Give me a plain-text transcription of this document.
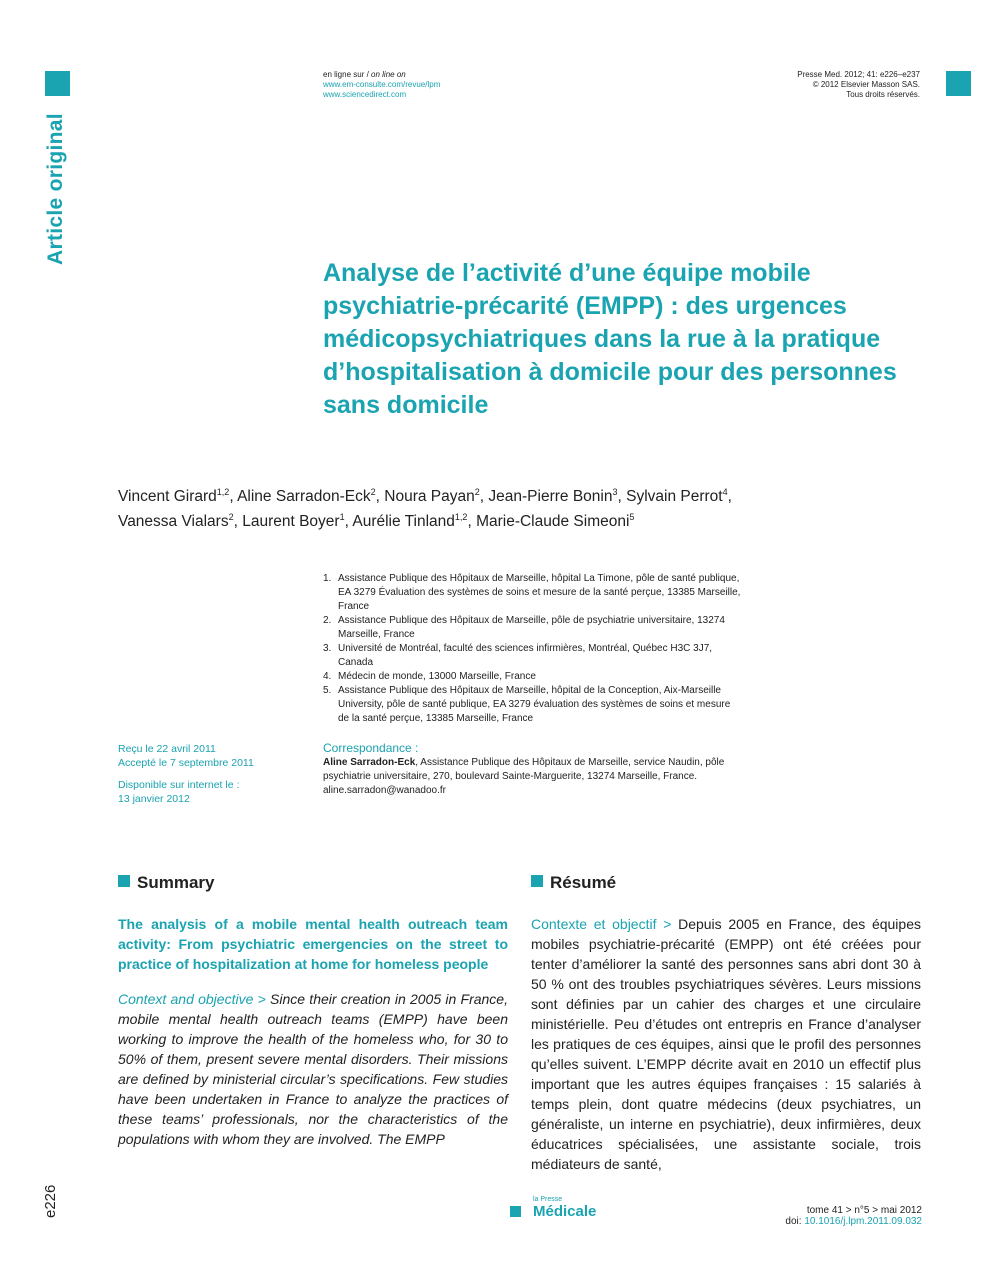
Article original
e226
en ligne sur / on line on
www.em-consulte.com/revue/lpm
www.sciencedirect.com
Presse Med. 2012; 41: e226–e237
© 2012 Elsevier Masson SAS.
Tous droits réservés.
Analyse de l’activité d’une équipe mobile psychiatrie-précarité (EMPP) : des urgences médicopsychiatriques dans la rue à la pratique d’hospitalisation à domicile pour des personnes sans domicile
Vincent Girard$^{1,2}$, Aline Sarradon-Eck$^2$, Noura Payan$^2$, Jean-Pierre Bonin$^3$, Sylvain Perrot$^4$,
Vanessa Vialars$^2$, Laurent Boyer$^1$, Aurélie Tinland$^{1,2}$, Marie-Claude Simeoni$^5$
1. Assistance Publique des Hôpitaux de Marseille, hôpital La Timone, pôle de santé publique, EA 3279 Évaluation des systèmes de soins et mesure de la santé perçue, 13385 Marseille, France
2. Assistance Publique des Hôpitaux de Marseille, pôle de psychiatrie universitaire, 13274 Marseille, France
3. Université de Montréal, faculté des sciences infirmières, Montréal, Québec H3C 3J7, Canada
4. Médecin de monde, 13000 Marseille, France
5. Assistance Publique des Hôpitaux de Marseille, hôpital de la Conception, Aix-Marseille University, pôle de santé publique, EA 3279 évaluation des systèmes de soins et mesure de la santé perçue, 13385 Marseille, France
Reçu le 22 avril 2011
Accepté le 7 septembre 2011
Disponible sur internet le :
13 janvier 2012
Correspondance :
Aline Sarradon-Eck, Assistance Publique des Hôpitaux de Marseille, service Naudin, pôle psychiatrie universitaire, 270, boulevard Sainte-Marguerite, 13274 Marseille, France.
aline.sarradon@wanadoo.fr
Summary	Résumé
The analysis of a mobile mental health outreach team activity: From psychiatric emergencies on the street to practice of hospitalization at home for homeless people
Context and objective > Since their creation in 2005 in France, mobile mental health outreach teams (EMPP) have been working to improve the health of the homeless who, for 30 to 50% of them, present severe mental disorders. Their missions are defined by ministerial circular’s specifications. Few studies have been undertaken in France to analyze the practices of these teams’ professionals, nor the characteristics of the populations with whom they are involved. The EMPP
Contexte et objectif > Depuis 2005 en France, des équipes mobiles psychiatrie-précarité (EMPP) ont été créées pour tenter d’améliorer la santé des personnes sans abri dont 30 à 50 % ont des troubles psychiatriques sévères. Leurs missions sont définies par un cahier des charges et une circulaire ministérielle. Peu d’études ont entrepris en France d’analyser les pratiques de ces équipes, ainsi que le profil des personnes qu’elles suivent. L’EMPP décrite avait en 2010 un effectif plus important que les autres équipes françaises : 15 salariés à temps plein, dont quatre médecins (deux psychiatres, un généraliste, un interne en psychiatrie), deux infirmières, deux éducatrices spécialisées, une assistante sociale, trois médiateurs de santé,
la Presse
Médicale	tome 41 > n°5 > mai 2012
doi: 10.1016/j.lpm.2011.09.032
